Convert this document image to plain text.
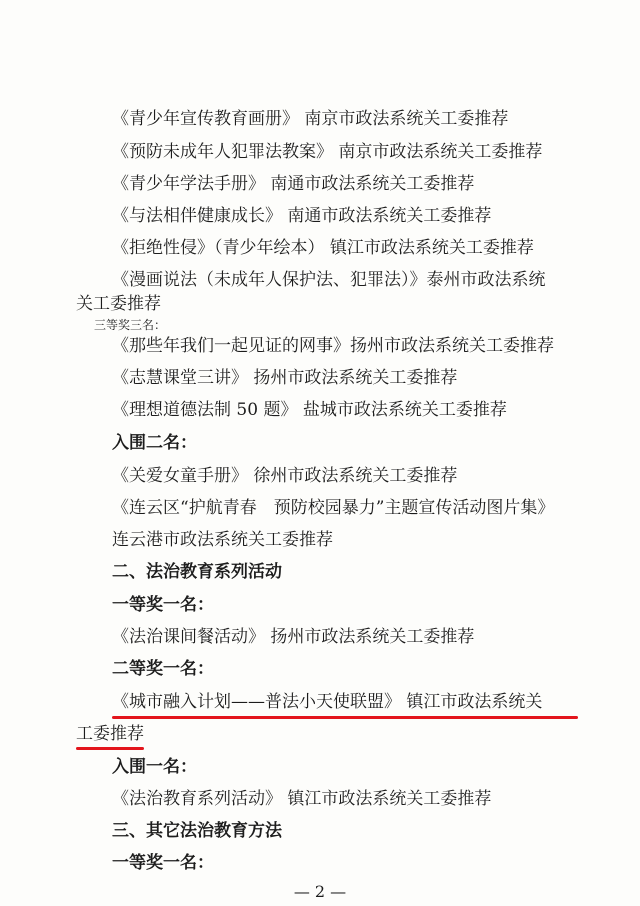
《青少年宣传教育画册》 南京市政法系统关工委推荐
《预防未成年人犯罪法教案》 南京市政法系统关工委推荐
《青少年学法手册》 南通市政法系统关工委推荐
《与法相伴健康成长》 南通市政法系统关工委推荐
《拒绝性侵》（青少年绘本） 镇江市政法系统关工委推荐
《漫画说法（未成年人保护法、犯罪法）》泰州市政法系统
关工委推荐
三等奖三名：
《那些年我们一起见证的网事》扬州市政法系统关工委推荐
《志慧课堂三讲》 扬州市政法系统关工委推荐
《理想道德法制 50 题》 盐城市政法系统关工委推荐
入围二名：
《关爱女童手册》 徐州市政法系统关工委推荐
《连云区“护航青春　预防校园暴力”主题宣传活动图片集》
连云港市政法系统关工委推荐
二、法治教育系列活动
一等奖一名：
《法治课间餐活动》 扬州市政法系统关工委推荐
二等奖一名：
《城市融入计划——普法小天使联盟》 镇江市政法系统关
工委推荐
入围一名：
《法治教育系列活动》 镇江市政法系统关工委推荐
三、其它法治教育方法
一等奖一名：
— 2 —
